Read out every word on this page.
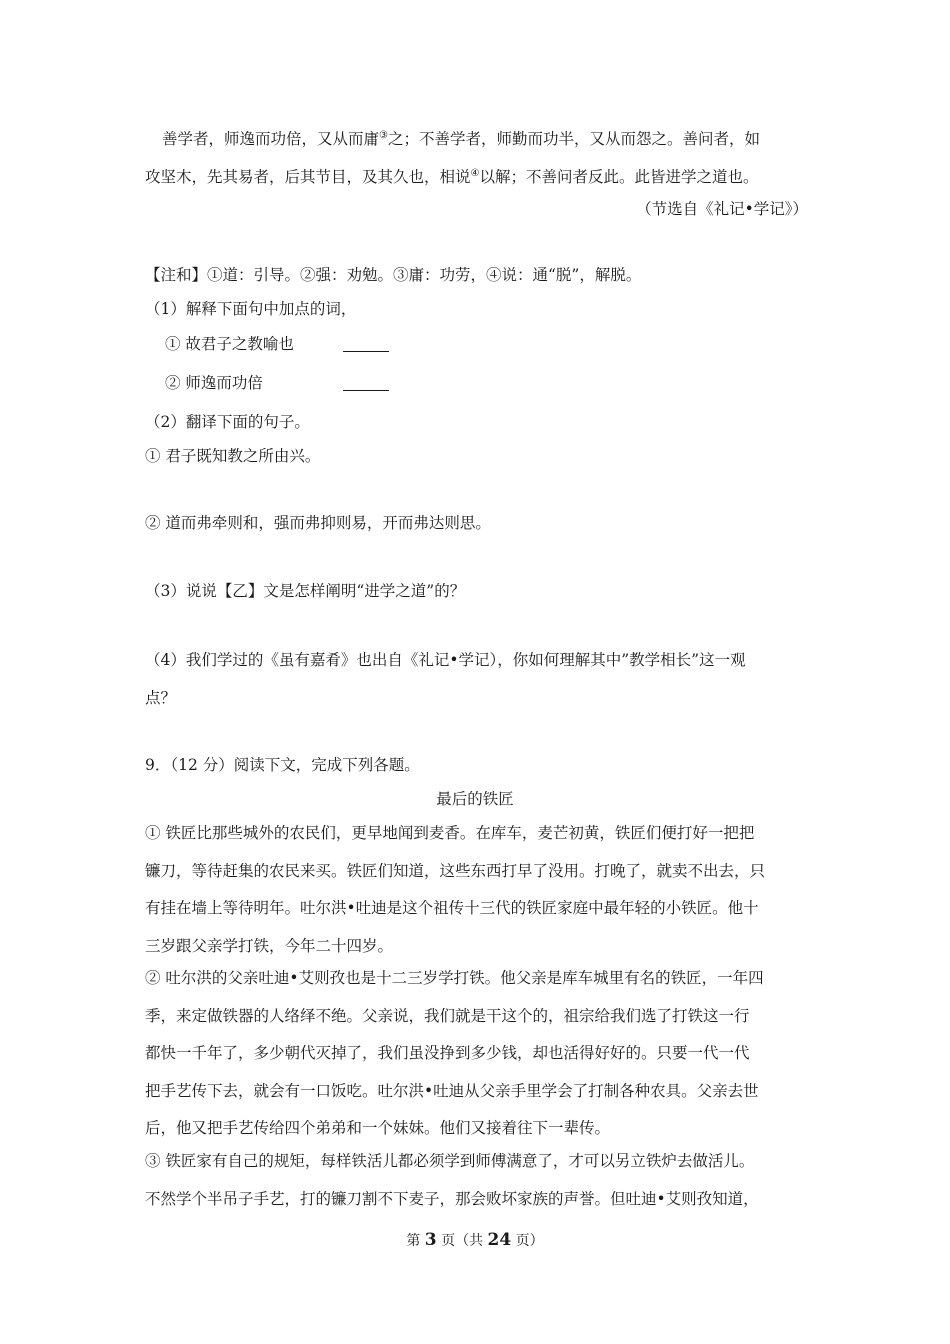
善学者，师逸而功倍，又从而庸③之；不善学者，师勤而功半，又从而怨之。善问者，如
攻坚木，先其易者，后其节目，及其久也，相说④以解；不善问者反此。此皆进学之道也。
（节选自《礼记•学记》）
【注和】①道：引导。②强：劝勉。③庸：功劳，④说：通“脱”，解脱。
（1）解释下面句中加点的词，
① 故君子之教喻也
② 师逸而功倍
（2）翻译下面的句子。
① 君子既知教之所由兴。
② 道而弗牵则和，强而弗抑则易，开而弗达则思。
（3）说说【乙】文是怎样阐明“进学之道”的？
（4）我们学过的《虽有嘉肴》也出自《礼记•学记），你如何理解其中”教学相长”这一观
点？
9．（12 分）阅读下文，完成下列各题。
最后的铁匠
① 铁匠比那些城外的农民们，更早地闻到麦香。在库车，麦芒初黄，铁匠们便打好一把把
镰刀，等待赶集的农民来买。铁匠们知道，这些东西打早了没用。打晚了，就卖不出去，只
有挂在墙上等待明年。吐尔洪•吐迪是这个祖传十三代的铁匠家庭中最年轻的小铁匠。他十
三岁跟父亲学打铁，今年二十四岁。
② 吐尔洪的父亲吐迪•艾则孜也是十二三岁学打铁。他父亲是库车城里有名的铁匠，一年四
季，来定做铁器的人络绎不绝。父亲说，我们就是干这个的，祖宗给我们选了打铁这一行
都快一千年了，多少朝代灭掉了，我们虽没挣到多少钱，却也活得好好的。只要一代一代
把手艺传下去，就会有一口饭吃。吐尔洪•吐迪从父亲手里学会了打制各种农具。父亲去世
后，他又把手艺传给四个弟弟和一个妹妹。他们又接着往下一辈传。
③ 铁匠家有自己的规矩，每样铁活儿都必须学到师傅满意了，才可以另立铁炉去做活儿。
不然学个半吊子手艺，打的镰刀割不下麦子，那会败坏家族的声誉。但吐迪•艾则孜知道，
第 3 页（共 24 页）
